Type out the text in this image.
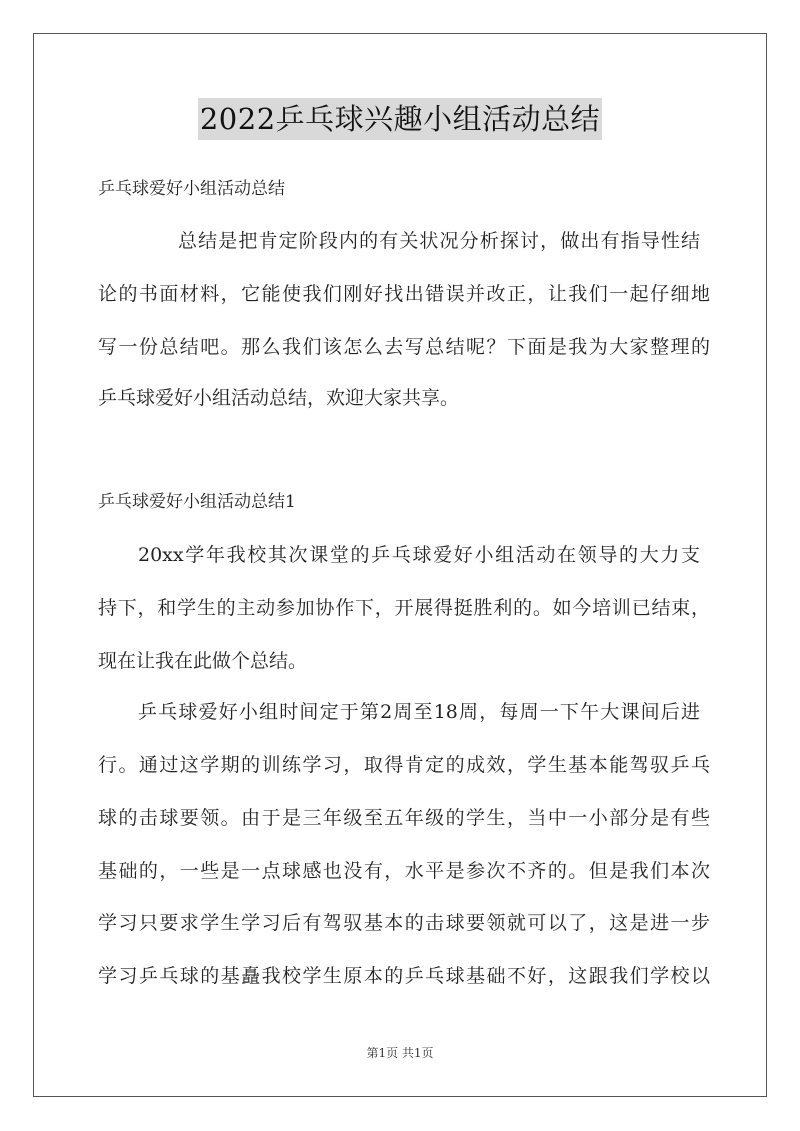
2022乒乓球兴趣小组活动总结
乒乓球爱好小组活动总结
总结是把肯定阶段内的有关状况分析探讨，做出有指导性结
论的书面材料，它能使我们刚好找出错误并改正，让我们一起仔细地
写一份总结吧。那么我们该怎么去写总结呢？下面是我为大家整理的
乒乓球爱好小组活动总结，欢迎大家共享。
乒乓球爱好小组活动总结1
20xx学年我校其次课堂的乒乓球爱好小组活动在领导的大力支
持下，和学生的主动参加协作下，开展得挺胜利的。如今培训已结束，
现在让我在此做个总结。
乒乓球爱好小组时间定于第2周至18周，每周一下午大课间后进
行。通过这学期的训练学习，取得肯定的成效，学生基本能驾驭乒乓
球的击球要领。由于是三年级至五年级的学生，当中一小部分是有些
基础的，一些是一点球感也没有，水平是参次不齐的。但是我们本次
学习只要求学生学习后有驾驭基本的击球要领就可以了，这是进一步
学习乒乓球的基矗我校学生原本的乒乓球基础不好，这跟我们学校以
第1页 共1页
